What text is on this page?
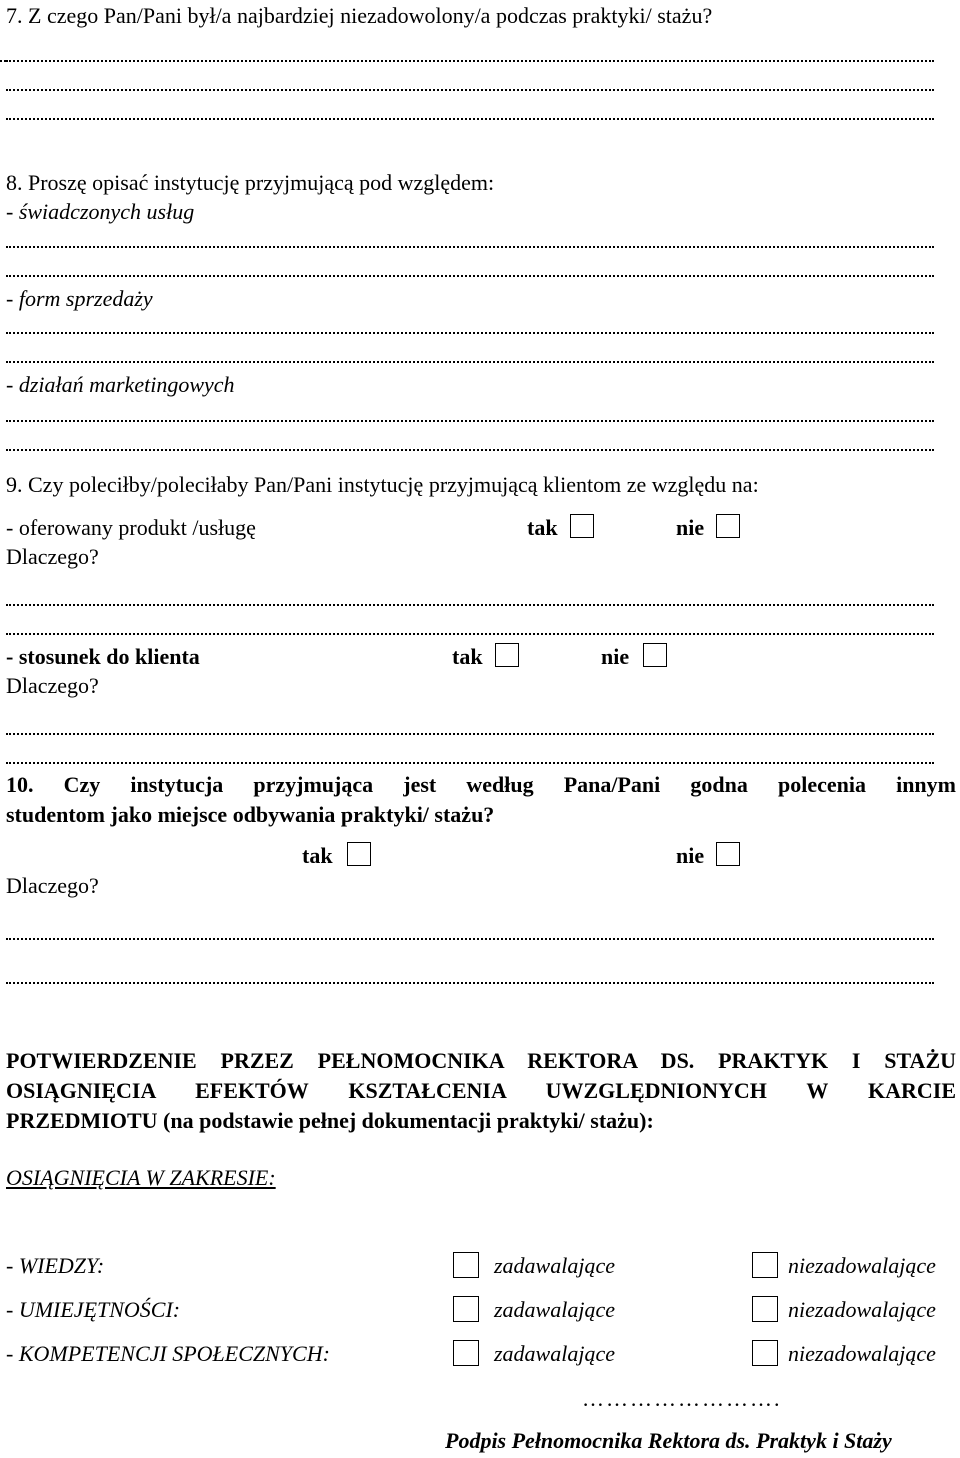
7. Z czego Pan/Pani był/a najbardziej niezadowolony/a podczas praktyki/ stażu?
8. Proszę opisać instytucję przyjmującą pod względem:
- świadczonych usług
- form sprzedaży
- działań marketingowych
9. Czy poleciłby/poleciłaby Pan/Pani instytucję przyjmującą klientom ze względu na:
- oferowany produkt /usługę	tak	nie
Dlaczego?
- stosunek do klienta	tak	nie
Dlaczego?
10. Czy instytucja przyjmująca jest według Pana/Pani godna polecenia innym
studentom jako miejsce odbywania praktyki/ stażu?
tak	nie
Dlaczego?
POTWIERDZENIE PRZEZ PEŁNOMOCNIKA REKTORA DS. PRAKTYK I STAŻU
OSIĄGNIĘCIA EFEKTÓW KSZTAŁCENIA UWZGLĘDNIONYCH W KARCIE
PRZEDMIOTU (na podstawie pełnej dokumentacji praktyki/ stażu):
OSIĄGNIĘCIA W ZAKRESIE:
- WIEDZY:	zadawalające	niezadowalające
- UMIEJĘTNOŚCI:	zadawalające	niezadowalające
- KOMPETENCJI SPOŁECZNYCH:	zadawalające	niezadowalające
…………………….
Podpis Pełnomocnika Rektora ds. Praktyk i Staży
